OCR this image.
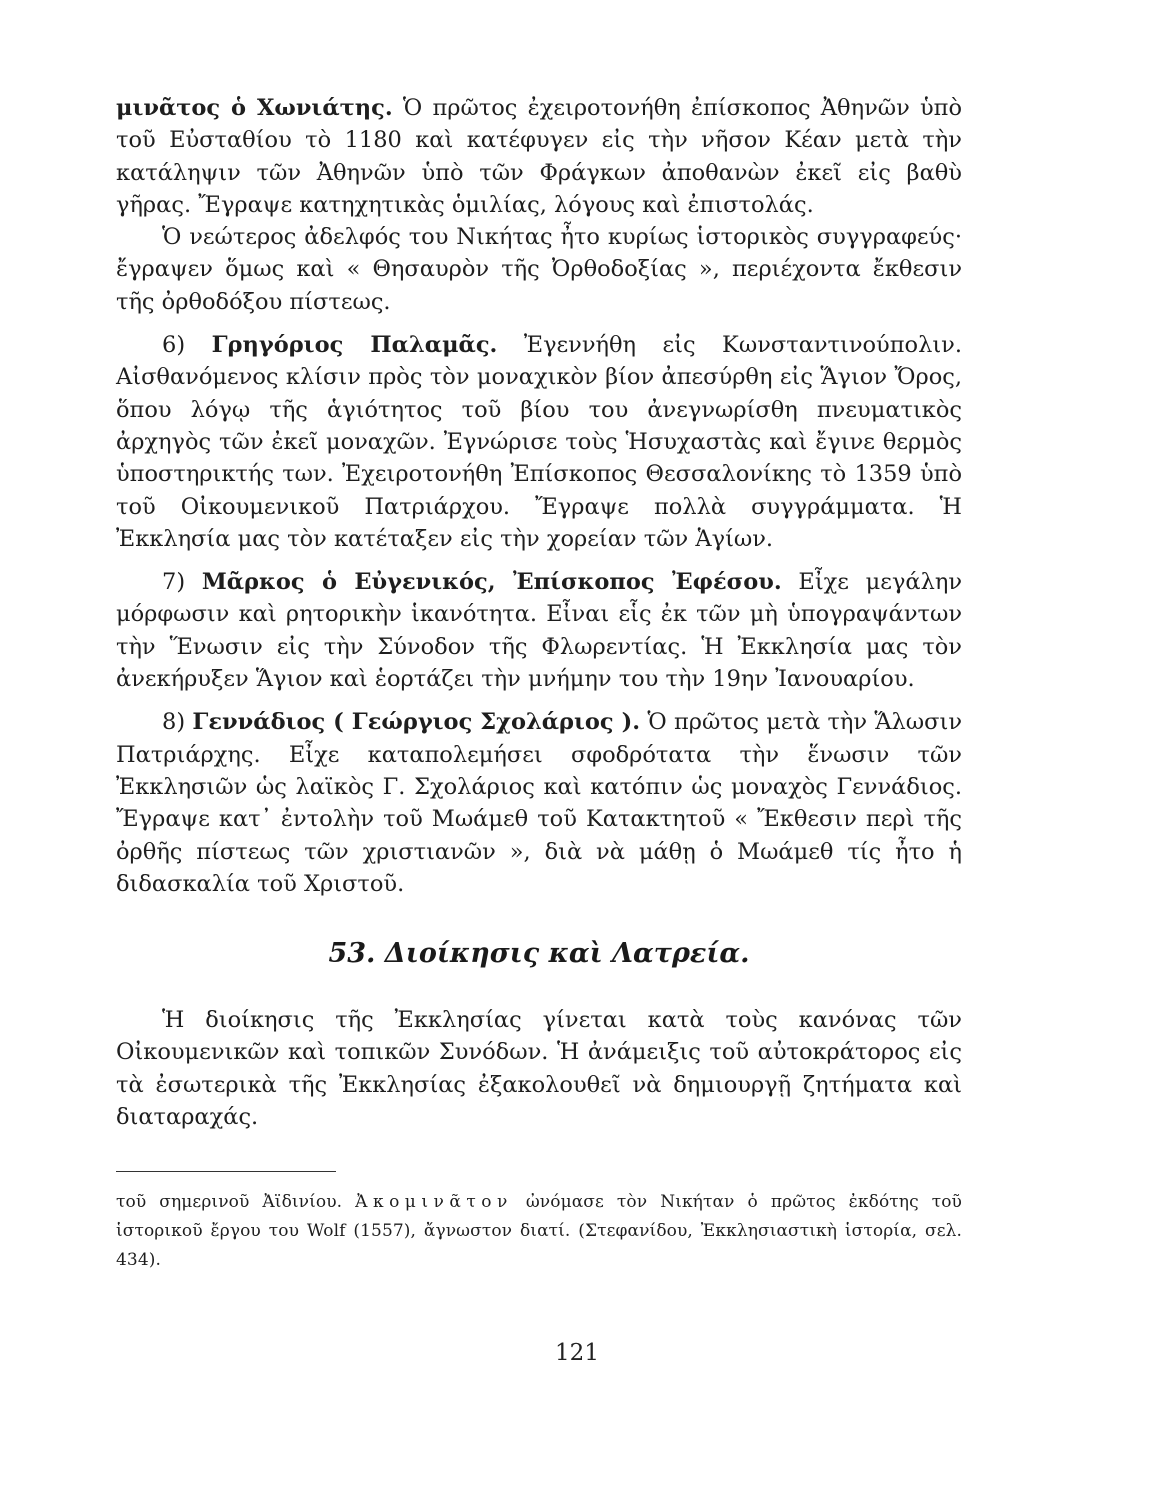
μινᾶτος ὁ Χωνιάτης. Ὁ πρῶτος ἐχειροτονήθη ἐπίσκοπος Ἀθηνῶν ὑπὸ τοῦ Εὐσταθίου τὸ 1180 καὶ κατέφυγεν εἰς τὴν νῆσον Κέαν μετὰ τὴν κατάληψιν τῶν Ἀθηνῶν ὑπὸ τῶν Φράγκων ἀποθανὼν ἐκεῖ εἰς βαθὺ γῆρας. Ἔγραψε κατηχητικὰς ὁμιλίας, λόγους καὶ ἐπιστολάς.

Ὁ νεώτερος ἀδελφός του Νικήτας ἦτο κυρίως ἱστορικὸς συγγραφεύς· ἔγραψεν ὅμως καὶ « Θησαυρὸν τῆς Ὀρθοδοξίας », περιέχοντα ἔκθεσιν τῆς ὀρθοδόξου πίστεως.

6) Γρηγόριος Παλαμᾶς. Ἐγεννήθη εἰς Κωνσταντινούπολιν. Αἰσθανόμενος κλίσιν πρὸς τὸν μοναχικὸν βίον ἀπεσύρθη εἰς Ἅγιον Ὄρος, ὅπου λόγῳ τῆς ἁγιότητος τοῦ βίου του ἀνεγνωρίσθη πνευματικὸς ἀρχηγὸς τῶν ἐκεῖ μοναχῶν. Ἐγνώρισε τοὺς Ἡσυχαστὰς καὶ ἔγινε θερμὸς ὑποστηρικτής των. Ἐχειροτονήθη Ἐπίσκοπος Θεσσαλονίκης τὸ 1359 ὑπὸ τοῦ Οἰκουμενικοῦ Πατριάρχου. Ἔγραψε πολλὰ συγγράμματα. Ἡ Ἐκκλησία μας τὸν κατέταξεν εἰς τὴν χορείαν τῶν Ἁγίων.

7) Μᾶρκος ὁ Εὐγενικός, Ἐπίσκοπος Ἐφέσου. Εἶχε μεγάλην μόρφωσιν καὶ ρητορικὴν ἱκανότητα. Εἶναι εἷς ἐκ τῶν μὴ ὑπογραψάντων τὴν Ἕνωσιν εἰς τὴν Σύνοδον τῆς Φλωρεντίας. Ἡ Ἐκκλησία μας τὸν ἀνεκήρυξεν Ἅγιον καὶ ἑορτάζει τὴν μνήμην του τὴν 19ην Ἰανουαρίου.

8) Γεννάδιος ( Γεώργιος Σχολάριος ). Ὁ πρῶτος μετὰ τὴν Ἅλωσιν Πατριάρχης. Εἶχε καταπολεμήσει σφοδρότατα τὴν ἕνωσιν τῶν Ἐκκλησιῶν ὡς λαϊκὸς Γ. Σχολάριος καὶ κατόπιν ὡς μοναχὸς Γεννάδιος. Ἔγραψε κατ᾽ ἐντολὴν τοῦ Μωάμεθ τοῦ Κατακτητοῦ « Ἔκθεσιν περὶ τῆς ὀρθῆς πίστεως τῶν χριστιανῶν », διὰ νὰ μάθῃ ὁ Μωάμεθ τίς ἦτο ἡ διδασκαλία τοῦ Χριστοῦ.

53. Διοίκησις καὶ Λατρεία.

Ἡ διοίκησις τῆς Ἐκκλησίας γίνεται κατὰ τοὺς κανόνας τῶν Οἰκουμενικῶν καὶ τοπικῶν Συνόδων. Ἡ ἀνάμειξις τοῦ αὐτοκράτορος εἰς τὰ ἐσωτερικὰ τῆς Ἐκκλησίας ἐξακολουθεῖ νὰ δημιουργῇ ζητήματα καὶ διαταραχάς.

τοῦ σημερινοῦ Ἀϊδινίου. Ἀκομινᾶτον ὠνόμασε τὸν Νικήταν ὁ πρῶτος ἐκδότης τοῦ ἱστορικοῦ ἔργου του Wolf (1557), ἄγνωστον διατί. (Στεφανίδου, Ἐκκλησιαστικὴ ἱστορία, σελ. 434).
121
